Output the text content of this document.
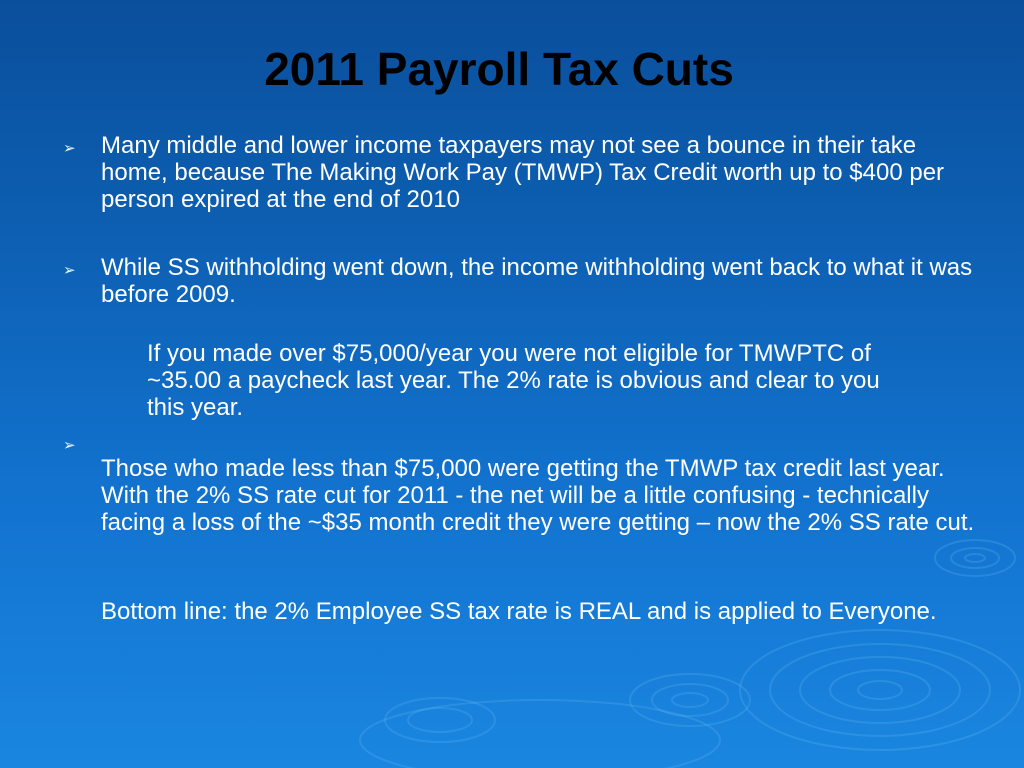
2011 Payroll Tax Cuts
➢ Many middle and lower income taxpayers may not see a bounce in their take home, because The Making Work Pay (TMWP) Tax Credit worth up to $400 per person expired at the end of 2010
➢ While SS withholding went down, the income withholding went back to what it was before 2009.
If you made over $75,000/year you were not eligible for TMWPTC of ~35.00 a paycheck last year. The 2% rate is obvious and clear to you this year.
➢
Those who made less than $75,000 were getting the TMWP tax credit last year. With the 2% SS rate cut for 2011 - the net will be a little confusing - technically facing a loss of the ~$35 month credit they were getting – now the 2% SS rate cut.
Bottom line: the 2% Employee SS tax rate is REAL and is applied to Everyone.
